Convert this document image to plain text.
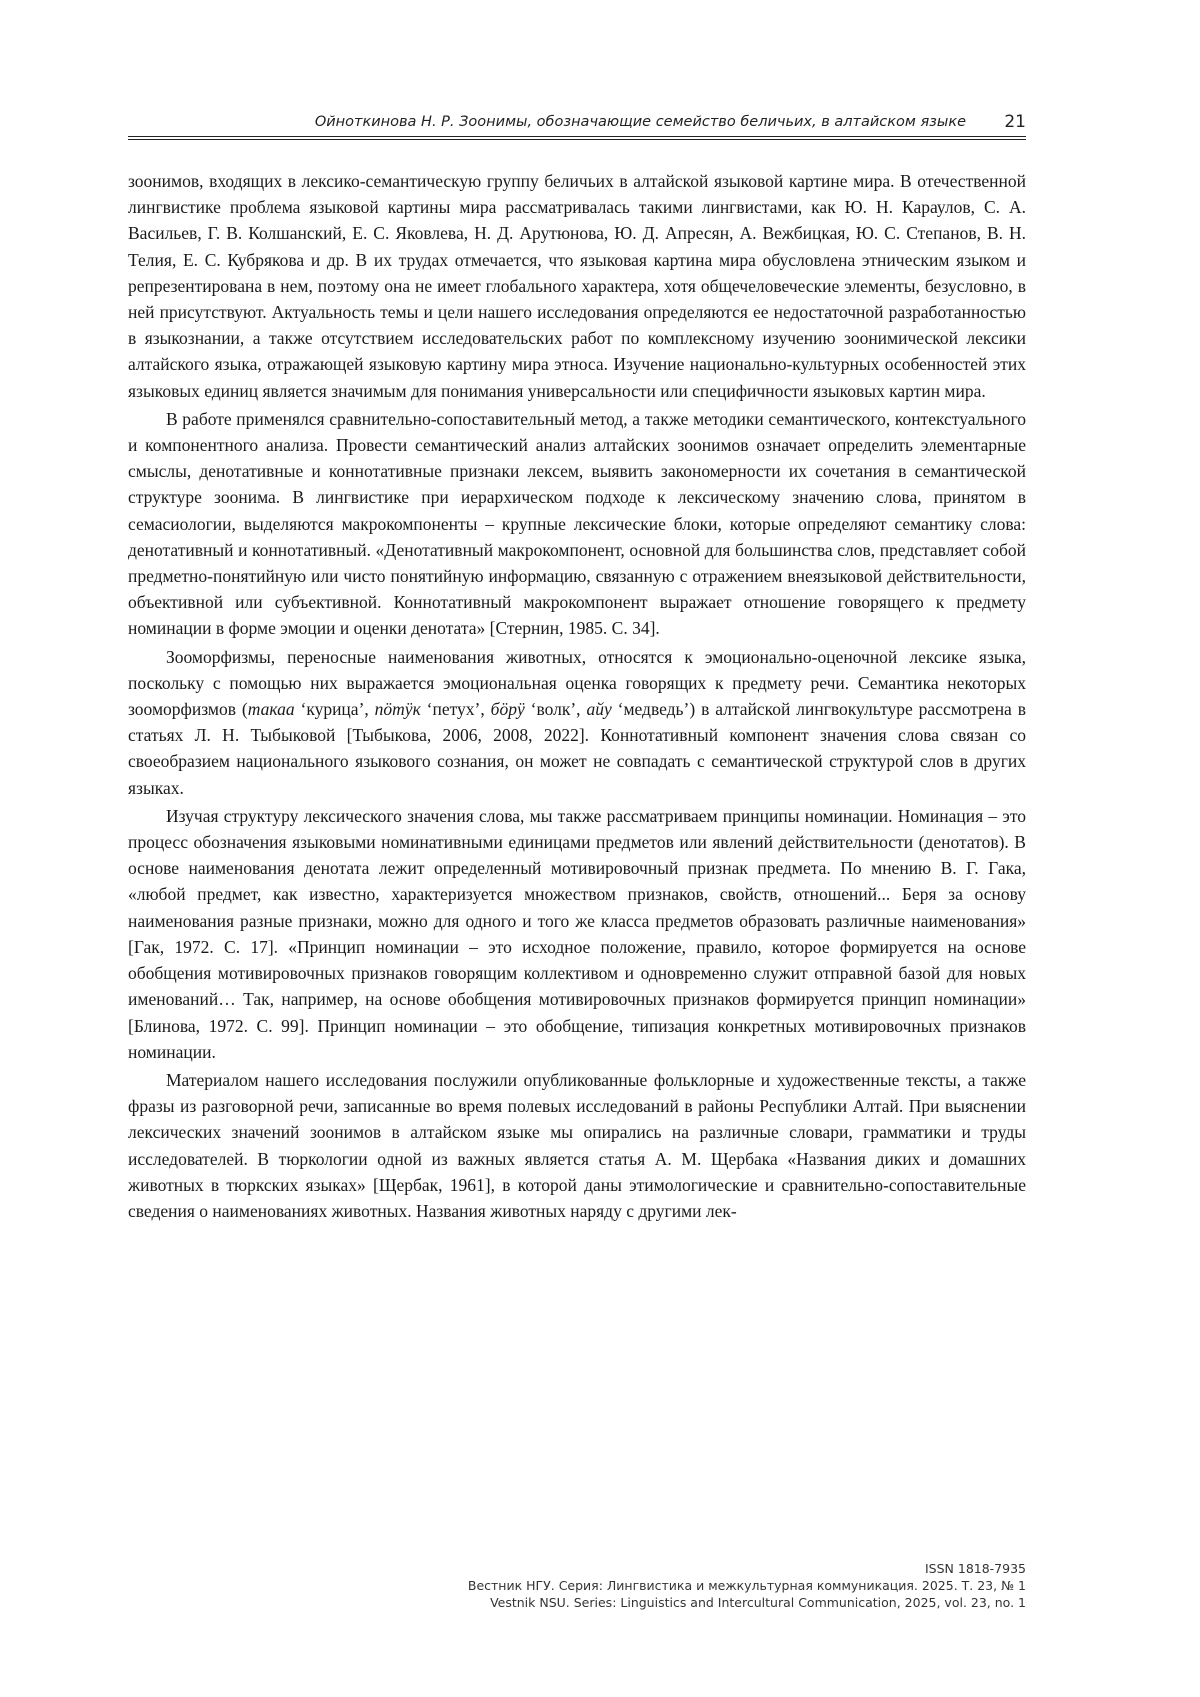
Ойноткинова Н. Р. Зоонимы, обозначающие семейство беличьих, в алтайском языке 21

зоонимов, входящих в лексико-семантическую группу беличьих в алтайской языковой картине мира. В отечественной лингвистике проблема языковой картины мира рассматривалась такими лингвистами, как Ю. Н. Караулов, С. А. Васильев, Г. В. Колшанский, Е. С. Яковлева, Н. Д. Арутюнова, Ю. Д. Апресян, А. Вежбицкая, Ю. С. Степанов, В. Н. Телия, Е. С. Кубрякова и др. В их трудах отмечается, что языковая картина мира обусловлена этническим языком и репрезентирована в нем, поэтому она не имеет глобального характера, хотя общечеловеческие элементы, безусловно, в ней присутствуют. Актуальность темы и цели нашего исследования определяются ее недостаточной разработанностью в языкознании, а также отсутствием исследовательских работ по комплексному изучению зоонимической лексики алтайского языка, отражающей языковую картину мира этноса. Изучение национально-культурных особенностей этих языковых единиц является значимым для понимания универсальности или специфичности языковых картин мира.

В работе применялся сравнительно-сопоставительный метод, а также методики семантического, контекстуального и компонентного анализа. Провести семантический анализ алтайских зоонимов означает определить элементарные смыслы, денотативные и коннотативные признаки лексем, выявить закономерности их сочетания в семантической структуре зоонима. В лингвистике при иерархическом подходе к лексическому значению слова, принятом в семасиологии, выделяются макрокомпоненты – крупные лексические блоки, которые определяют семантику слова: денотативный и коннотативный. «Денотативный макрокомпонент, основной для большинства слов, представляет собой предметно-понятийную или чисто понятийную информацию, связанную с отражением внеязыковой действительности, объективной или субъективной. Коннотативный макрокомпонент выражает отношение говорящего к предмету номинации в форме эмоции и оценки денотата» [Стернин, 1985. С. 34].

Зооморфизмы, переносные наименования животных, относятся к эмоционально-оценочной лексике языка, поскольку с помощью них выражается эмоциональная оценка говорящих к предмету речи. Семантика некоторых зооморфизмов (такаа ‘курица’, пӧтӱк ‘петух’, бӧрӱ ‘волк’, айу ‘медведь’) в алтайской лингвокультуре рассмотрена в статьях Л. Н. Тыбыковой [Тыбыкова, 2006, 2008, 2022]. Коннотативный компонент значения слова связан со своеобразием национального языкового сознания, он может не совпадать с семантической структурой слов в других языках.

Изучая структуру лексического значения слова, мы также рассматриваем принципы номинации. Номинация – это процесс обозначения языковыми номинативными единицами предметов или явлений действительности (денотатов). В основе наименования денотата лежит определенный мотивировочный признак предмета. По мнению В. Г. Гака, «любой предмет, как известно, характеризуется множеством признаков, свойств, отношений... Беря за основу наименования разные признаки, можно для одного и того же класса предметов образовать различные наименования» [Гак, 1972. С. 17]. «Принцип номинации – это исходное положение, правило, которое формируется на основе обобщения мотивировочных признаков говорящим коллективом и одновременно служит отправной базой для новых именований… Так, например, на основе обобщения мотивировочных признаков формируется принцип номинации» [Блинова, 1972. С. 99]. Принцип номинации – это обобщение, типизация конкретных мотивировочных признаков номинации.

Материалом нашего исследования послужили опубликованные фольклорные и художественные тексты, а также фразы из разговорной речи, записанные во время полевых исследований в районы Республики Алтай. При выяснении лексических значений зоонимов в алтайском языке мы опирались на различные словари, грамматики и труды исследователей. В тюркологии одной из важных является статья А. М. Щербака «Названия диких и домашних животных в тюркских языках» [Щербак, 1961], в которой даны этимологические и сравнительно-сопоставительные сведения о наименованиях животных. Названия животных наряду с другими лек-

ISSN 1818-7935
Вестник НГУ. Серия: Лингвистика и межкультурная коммуникация. 2025. Т. 23, № 1
Vestnik NSU. Series: Linguistics and Intercultural Communication, 2025, vol. 23, no. 1
